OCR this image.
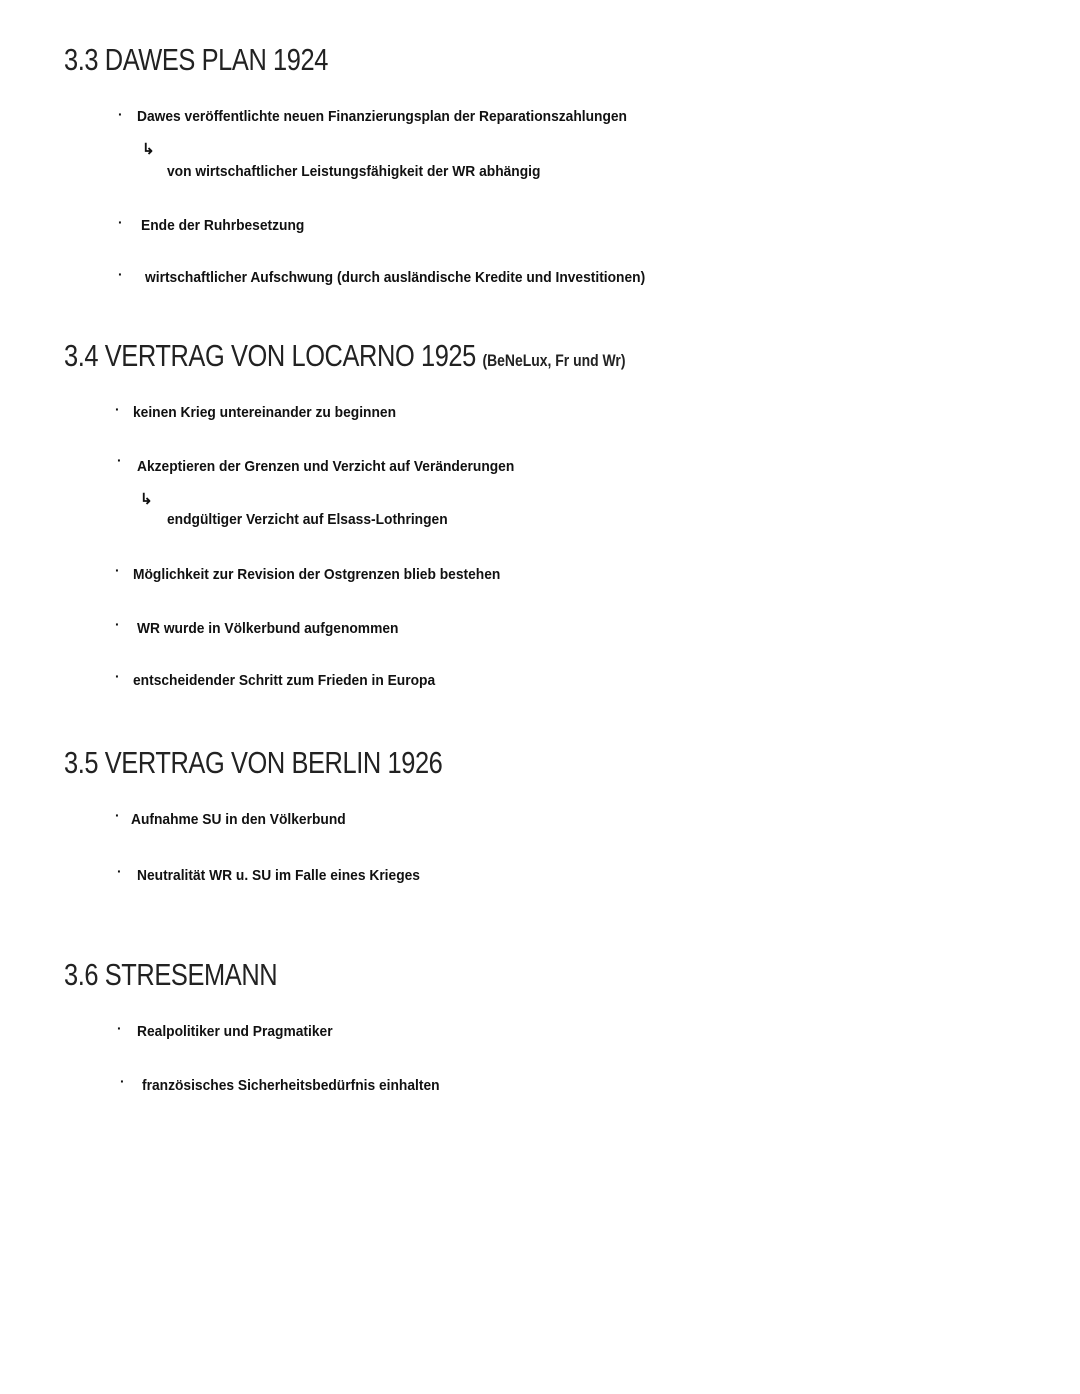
3.3 DAWES PLAN 1924
· Dawes veröffentlichte neuen Finanzierungsplan der Reparationszahlungen
↳
von wirtschaftlicher Leistungsfähigkeit der WR abhängig
· Ende der Ruhrbesetzung
· wirtschaftlicher Aufschwung (durch ausländische Kredite und Investitionen)
3.4 VERTRAG VON LOCARNO 1925 (BeNeLux, Fr und Wr)
· keinen Krieg untereinander zu beginnen
· Akzeptieren der Grenzen und Verzicht auf Veränderungen
↳
endgültiger Verzicht auf Elsass-Lothringen
· Möglichkeit zur Revision der Ostgrenzen blieb bestehen
· WR wurde in Völkerbund aufgenommen
· entscheidender Schritt zum Frieden in Europa
3.5 VERTRAG VON BERLIN 1926
· Aufnahme SU in den Völkerbund
· Neutralität WR u. SU im Falle eines Krieges
3.6 STRESEMANN
· Realpolitiker und Pragmatiker
· französisches Sicherheitsbedürfnis einhalten
